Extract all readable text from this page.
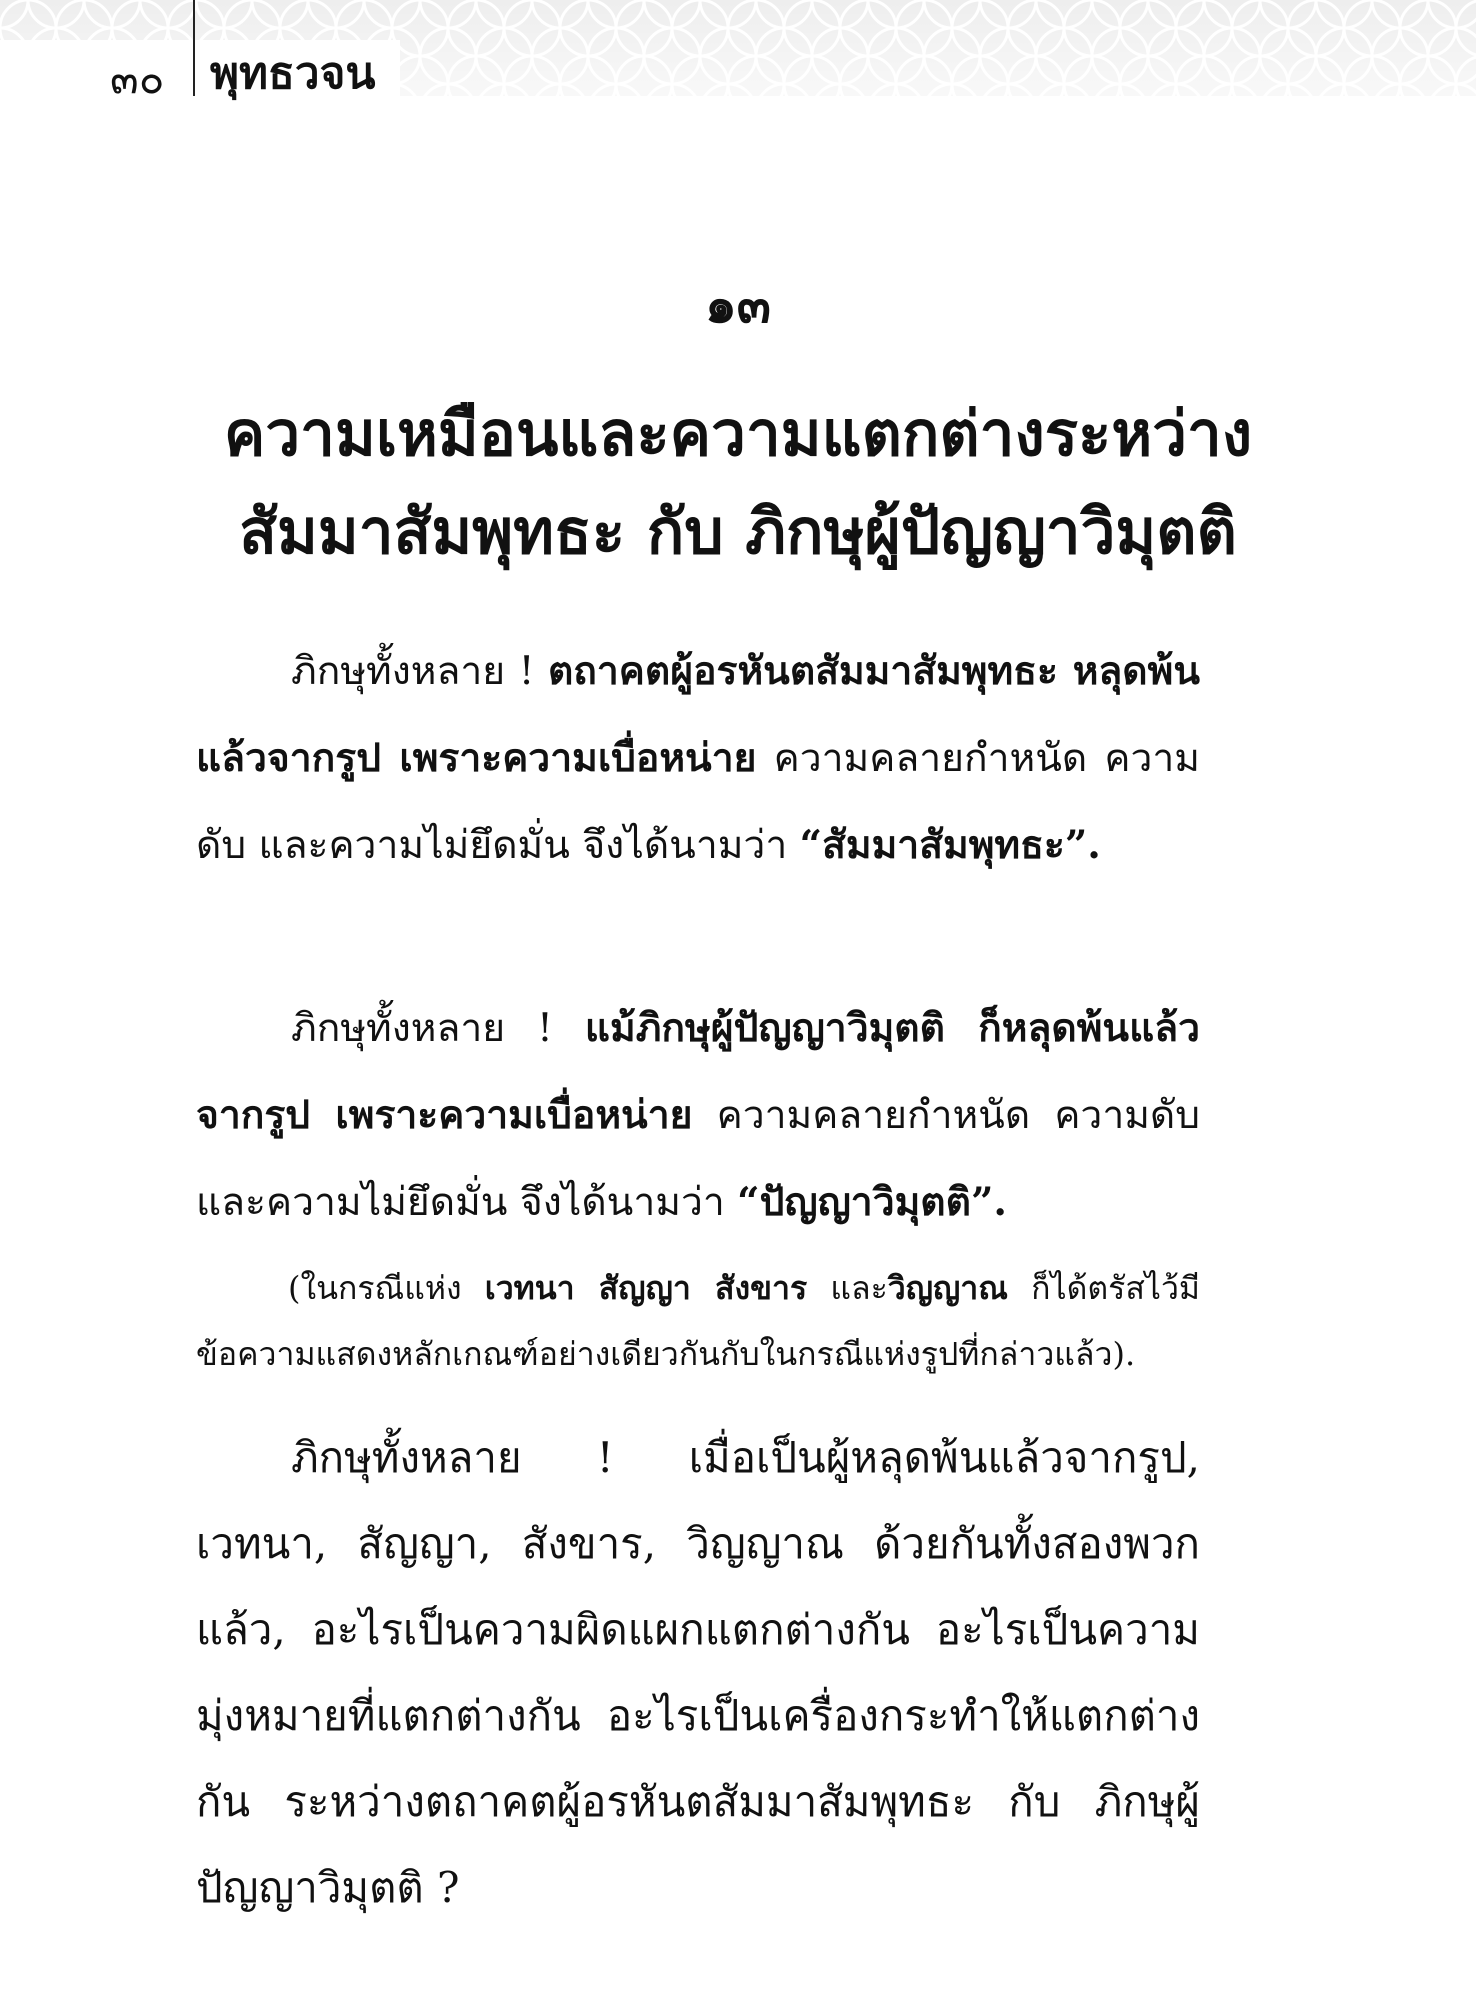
๓๐ พุทธวจน
๑๓
ความเหมือนและความแตกต่างระหว่าง
สัมมาสัมพุทธะ กับ ภิกษุผู้ปัญญาวิมุตติ
ภิกษุทั้งหลาย ! ตถาคตผู้อรหันตสัมมาสัมพุทธะ หลุดพ้นแล้วจากรูป เพราะความเบื่อหน่าย ความคลายกำหนัด ความดับ และความไม่ยึดมั่น จึงได้นามว่า “สัมมาสัมพุทธะ”.
ภิกษุทั้งหลาย ! แม้ภิกษุผู้ปัญญาวิมุตติ ก็หลุดพ้นแล้วจากรูป เพราะความเบื่อหน่าย ความคลายกำหนัด ความดับ และความไม่ยึดมั่น จึงได้นามว่า “ปัญญาวิมุตติ”.
(ในกรณีแห่ง เวทนา สัญญา สังขาร และวิญญาณ ก็ได้ตรัสไว้มีข้อความแสดงหลักเกณฑ์อย่างเดียวกันกับในกรณีแห่งรูปที่กล่าวแล้ว).
ภิกษุทั้งหลาย ! เมื่อเป็นผู้หลุดพ้นแล้วจากรูป, เวทนา, สัญญา, สังขาร, วิญญาณ ด้วยกันทั้งสองพวกแล้ว, อะไรเป็นความผิดแผกแตกต่างกัน อะไรเป็นความมุ่งหมายที่แตกต่างกัน อะไรเป็นเครื่องกระทำให้แตกต่างกัน ระหว่างตถาคตผู้อรหันตสัมมาสัมพุทธะ กับ ภิกษุผู้ปัญญาวิมุตติ ?
